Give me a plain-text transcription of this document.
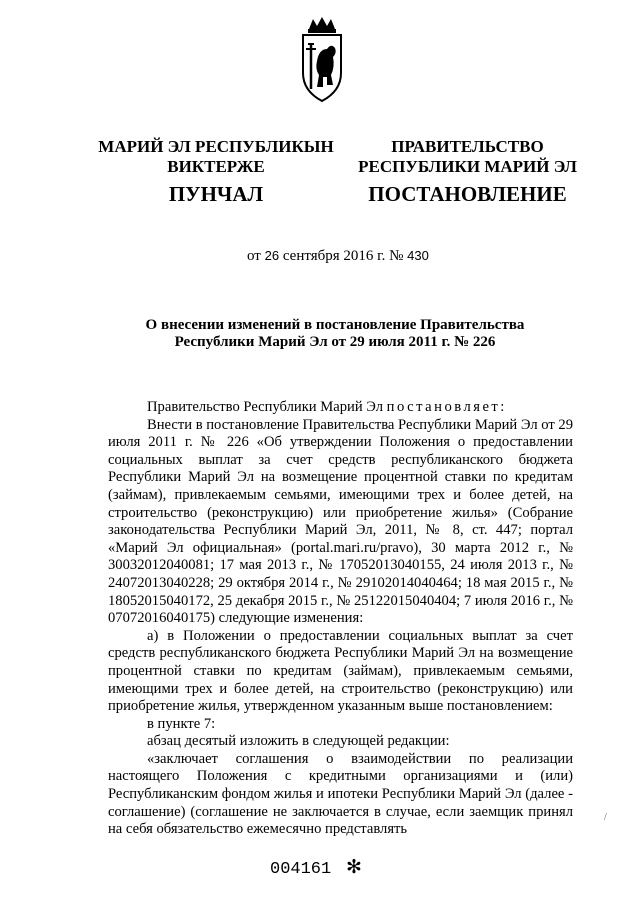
МАРИЙ ЭЛ РЕСПУБЛИКЫН
ВИКТЕРЖЕ
ПРАВИТЕЛЬСТВО
РЕСПУБЛИКИ МАРИЙ ЭЛ
ПУНЧАЛ	ПОСТАНОВЛЕНИЕ
от 26 сентября 2016 г. № 430
О внесении изменений в постановление Правительства
Республики Марий Эл от 29 июля 2011 г. № 226

Правительство Республики Марий Эл постановляет:

Внести в постановление Правительства Республики Марий Эл от 29 июля 2011 г. № 226 «Об утверждении Положения о предоставлении социальных выплат за счет средств республиканского бюджета Республики Марий Эл на возмещение процентной ставки по кредитам (займам), привлекаемым семьями, имеющими трех и более детей, на строительство (реконструкцию) или приобретение жилья» (Собрание законодательства Республики Марий Эл, 2011, № 8, ст. 447; портал «Марий Эл официальная» (portal.mari.ru/pravo), 30 марта 2012 г., № 30032012040081; 17 мая 2013 г., № 17052013040155, 24 июля 2013 г., № 24072013040228; 29 октября 2014 г., № 29102014040464; 18 мая 2015 г., № 18052015040172, 25 декабря 2015 г., № 25122015040404; 7 июля 2016 г., № 07072016040175) следующие изменения:

а) в Положении о предоставлении социальных выплат за счет средств республиканского бюджета Республики Марий Эл на возмещение процентной ставки по кредитам (займам), привлекаемым семьями, имеющими трех и более детей, на строительство (реконструкцию) или приобретение жилья, утвержденном указанным выше постановлением:

в пункте 7:

абзац десятый изложить в следующей редакции:

«заключает соглашения о взаимодействии по реализации настоящего Положения с кредитными организациями и (или) Республиканским фондом жилья и ипотеки Республики Марий Эл (далее - соглашение) (соглашение не заключается в случае, если заемщик принял на себя обязательство ежемесячно представлять

/
004161 ✻
